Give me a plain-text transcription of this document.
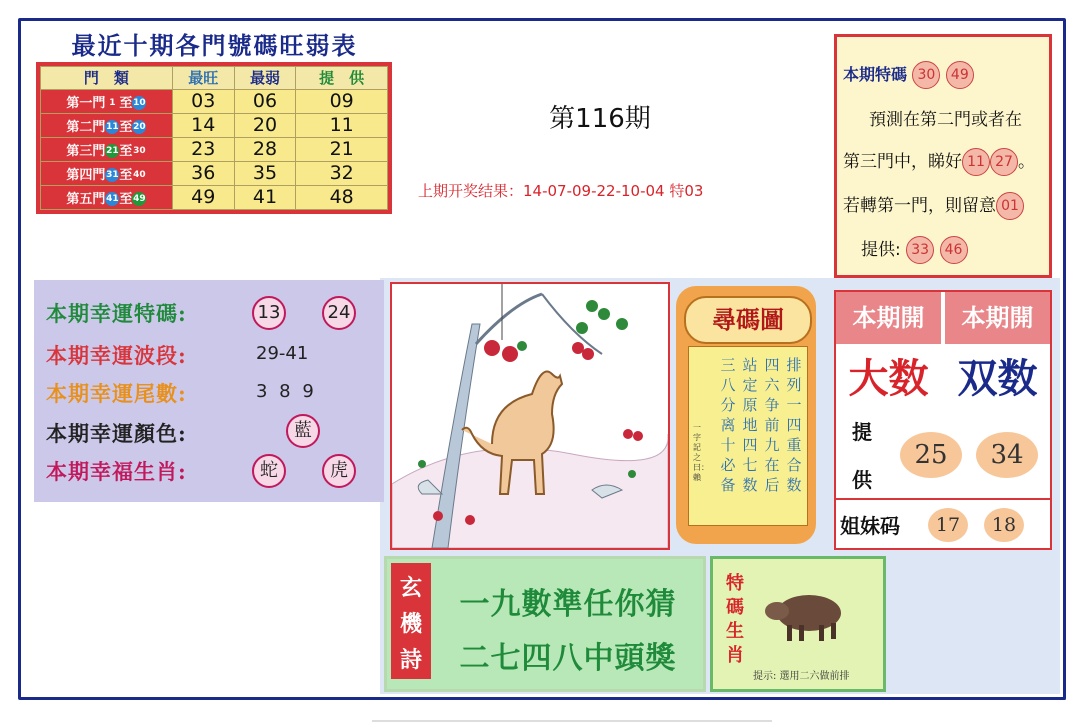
最近十期各門號碼旺弱表
門　類	最旺	最弱	提　供
第一門 1 至10	03	06	09
第二門11至20	14	20	11
第三門21至30	23	28	21
第四門31至40	36	35	32
第五門41至49	49	41	48
第116期
上期开奖结果：14-07-09-22-10-04 特03
本期特碼 30 49
預測在第二門或者在
第三門中，睇好 11 27 。
若轉第一門，則留意 01
提供: 33 46
本期幸運特碼:	13	24
本期幸運波段:	29-41
本期幸運尾數:	3 8 9
本期幸運顏色:	藍
本期幸福生肖:	蛇	虎
尋碼圖
一字記之曰：賴
排列一四重合数
四六争前九在后
站定原地四七数
三八分离十必备
本期開	本期開
大数 双数
提
供
25	34
姐妹码	17	18
玄
機
詩
一九數準任你猜
二七四八中頭獎
特
碼
生
肖
提示: 選用二六做前排
